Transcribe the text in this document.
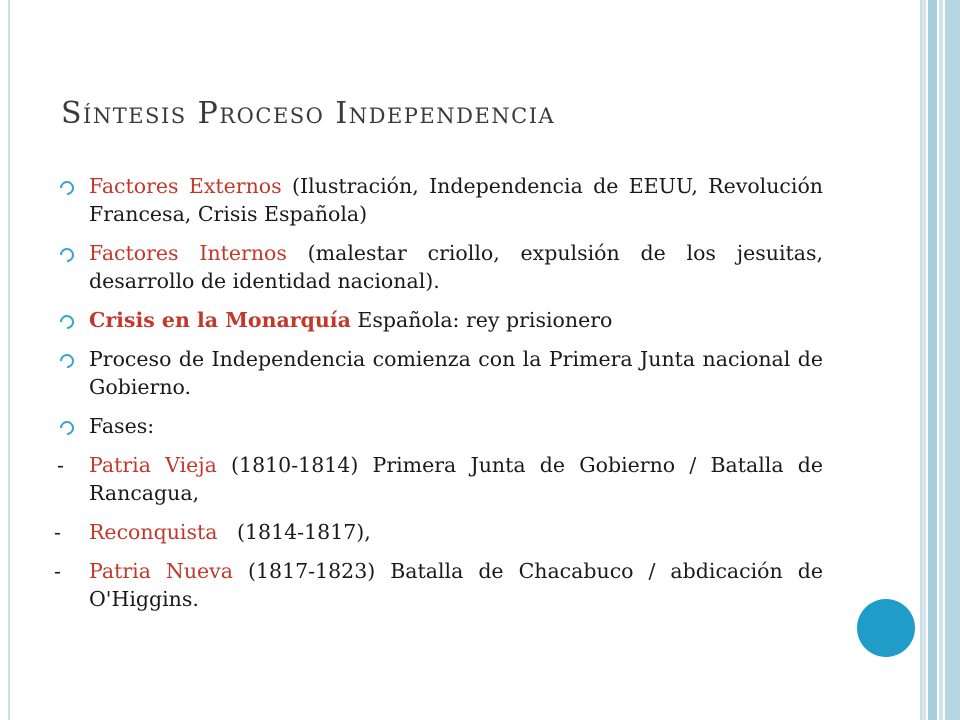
Síntesis Proceso Independencia

Factores Externos (Ilustración, Independencia de EEUU, Revolución Francesa, Crisis Española)

Factores Internos (malestar criollo, expulsión de los jesuitas, desarrollo de identidad nacional).

Crisis en la Monarquía Española: rey prisionero

Proceso de Independencia comienza con la Primera Junta nacional de Gobierno.

Fases:

- Patria Vieja (1810-1814) Primera Junta de Gobierno / Batalla de Rancagua,

- Reconquista   (1814-1817),

- Patria Nueva (1817-1823) Batalla de Chacabuco / abdicación de O'Higgins.
